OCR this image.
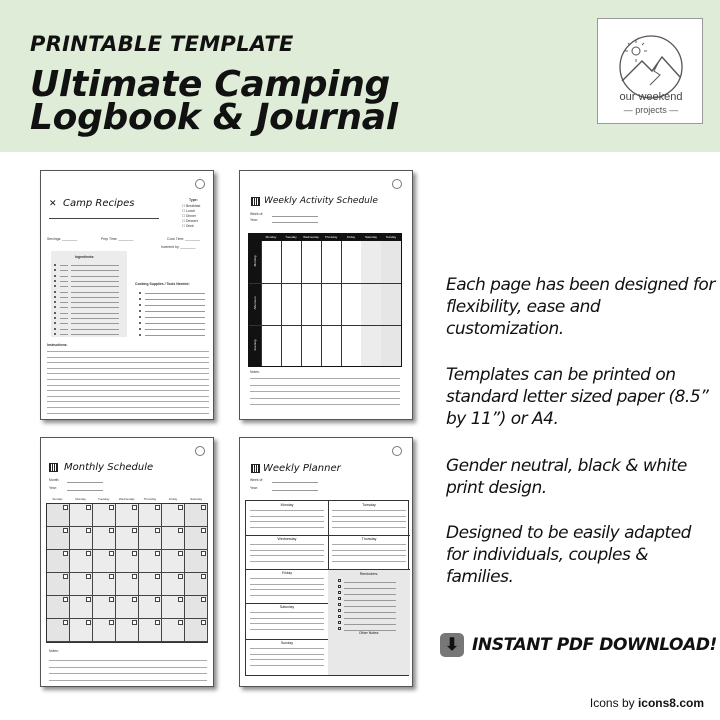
PRINTABLE TEMPLATE
Ultimate Camping Logbook & Journal	our weekend
— projects —
✕ Camp Recipes	Type:
Servings: ________	Prep Time: ________	Cook Time: ________
Invented by: ________
Ingredients:
Cooking Supplies / Tools Needed:
Instructions:
☐ Breakfast
☐ Lunch
☐ Dinner
☐ Dessert
☐ Drink
Weekly Activity Schedule
Week of:
Year:
Monday	Tuesday	Wednesday	Thursday	Friday	Saturday	Sunday
Morning
Afternoon
Evening
Notes:
Monthly Schedule
Month:
Year:
Notes:
Sunday	Monday	Tuesday	Wednesday	Thursday	Friday	Saturday
Weekly Planner
Week of:
Year:
Monday
Wednesday
Friday
Saturday
Sunday
Tuesday
Thursday
Reminders:
Other Notes:
Each page has been designed for flexibility, ease and customization.
Templates can be printed on standard letter sized paper (8.5” by 11”) or A4.
Gender neutral, black & white print design.
Designed to be easily adapted for individuals, couples & families.
⬇ INSTANT PDF DOWNLOAD!
Icons by icons8.com
